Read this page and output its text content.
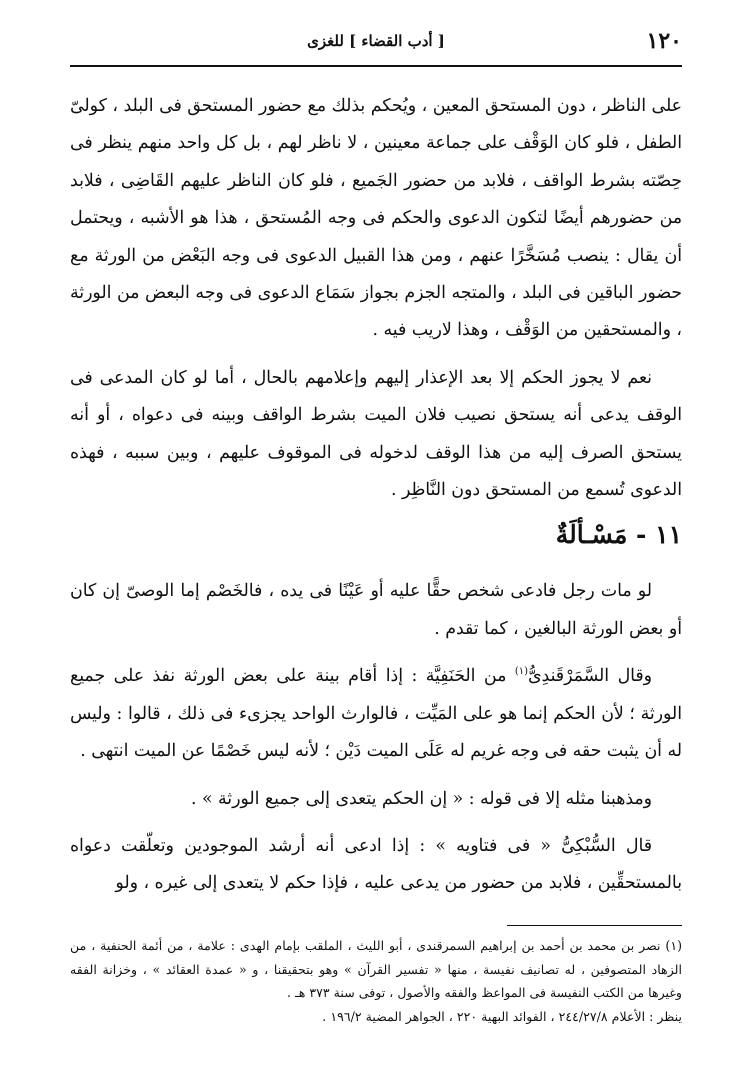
١٢٠
[ أدب القضاء ] للغزى

على الناظر ، دون المستحق المعين ، ويُحكم بذلك مع حضور المستحق فى البلد ، كولىّ الطفل ، فلو كان الوَقْف على جماعة معينين ، لا ناظر لهم ، بل كل واحد منهم ينظر فى حِصّته بشرط الواقف ، فلابد من حضور الجَميع ، فلو كان الناظر عليهم القَاضِى ، فلابد من حضورهم أيضًا لتكون الدعوى والحكم فى وجه المُستحق ، هذا هو الأشبه ، ويحتمل أن يقال : ينصب مُسَخَّرًا عنهم ، ومن هذا القبيل الدعوى فى وجه البَعْض من الورثة مع حضور الباقين فى البلد ، والمتجه الجزم بجواز سَمَاع الدعوى فى وجه البعض من الورثة ، والمستحقين من الوَقْف ، وهذا لاريب فيه .

نعم لا يجوز الحكم إلا بعد الإعذار إليهم وإعلامهم بالحال ، أما لو كان المدعى فى الوقف يدعى أنه يستحق نصيب فلان الميت بشرط الواقف وبينه فى دعواه ، أو أنه يستحق الصرف إليه من هذا الوقف لدخوله فى الموقوف عليهم ، وبين سببه ، فهذه الدعوى تُسمع من المستحق دون النَّاظِر .

١١ - مَسْـألَةٌ

لو مات رجل فادعى شخص حقًّا عليه أو عَيْنًا فى يده ، فالخَصْم إما الوصىّ إن كان أو بعض الورثة البالغين ، كما تقدم .

وقال السَّمَرْقَندِىُّ$^{(١)}$ من الحَنَفِيَّة : إذا أقام بينة على بعض الورثة نفذ على جميع الورثة ؛ لأن الحكم إنما هو على المَيِّت ، فالوارث الواحد يجزىء فى ذلك ، قالوا : وليس له أن يثبت حقه فى وجه غريم له عَلَى الميت دَيْن ؛ لأنه ليس خَصْمًا عن الميت انتهى .

ومذهبنا مثله إلا فى قوله : « إن الحكم يتعدى إلى جميع الورثة » .

قال السُّبْكِىُّ « فى فتاويه » : إذا ادعى أنه أرشد الموجودين وتعلّقت دعواه بالمستحقِّين ، فلابد من حضور من يدعى عليه ، فإذا حكم لا يتعدى إلى غيره ، ولو

(١) نصر بن محمد بن أحمد بن إبراهيم السمرقندى ، أبو الليث ، الملقب بإمام الهدى : علامة ، من أئمة الحنفية ، من الزهاد المتصوفين ، له تصانيف نفيسة ، منها « تفسير القرآن » وهو بتحقيقنا ، و « عمدة العقائد » ، وخزانة الفقه وغيرها من الكتب النفيسة فى المواعظ والفقه والأصول ، توفى سنة ٣٧٣ هـ .

ينظر : الأعلام ٢٤٤/٢٧/٨ ، الفوائد البهية ٢٢٠ ، الجواهر المضية ١٩٦/٢ .
